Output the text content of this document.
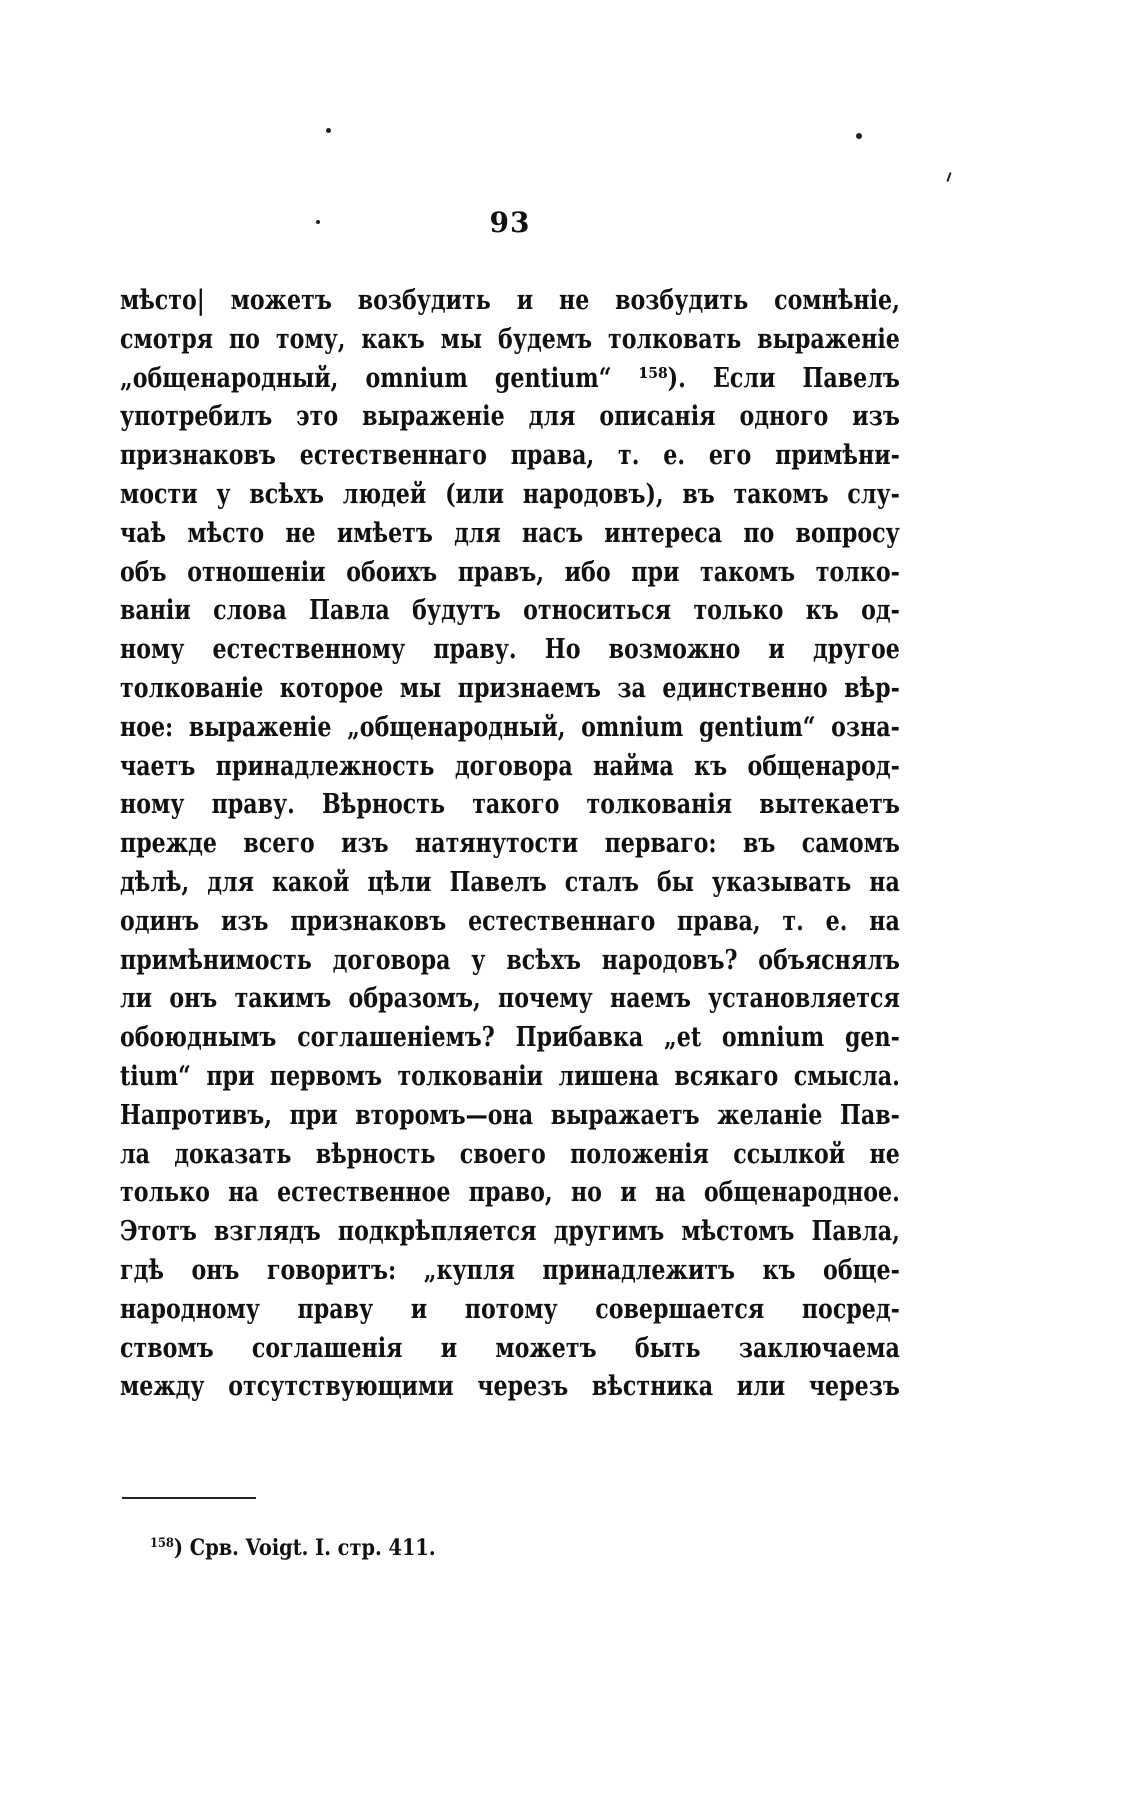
93
мѣсто| можетъ возбудить и не возбудить сомнѣніе,
смотря по тому, какъ мы будемъ толковать выраженіе
„общенародный, omnium gentium“ ¹⁵⁸). Если Павелъ
употребилъ это выраженіе для описанія одного изъ
признаковъ естественнаго права, т. е. его примѣни-
мости у всѣхъ людей (или народовъ), въ такомъ слу-
чаѣ мѣсто не имѣетъ для насъ интереса по вопросу
объ отношеніи обоихъ правъ, ибо при такомъ толко-
ваніи слова Павла будутъ относиться только къ од-
ному естественному праву. Но возможно и другое
толкованіе которое мы признаемъ за единственно вѣр-
ное: выраженіе „общенародный, omnium gentium“ озна-
чаетъ принадлежность договора найма къ общенарод-
ному праву. Вѣрность такого толкованія вытекаетъ
прежде всего изъ натянутости перваго: въ самомъ
дѣлѣ, для какой цѣли Павелъ сталъ бы указывать на
одинъ изъ признаковъ естественнаго права, т. е. на
примѣнимость договора у всѣхъ народовъ? объяснялъ
ли онъ такимъ образомъ, почему наемъ установляется
обоюднымъ соглашеніемъ? Прибавка „et omnium gen-
tium“ при первомъ толкованіи лишена всякаго смысла.
Напротивъ, при второмъ—она выражаетъ желаніе Пав-
ла доказать вѣрность своего положенія ссылкой не
только на естественное право, но и на общенародное.
Этотъ взглядъ подкрѣпляется другимъ мѣстомъ Павла,
гдѣ онъ говоритъ: „купля принадлежитъ къ обще-
народному праву и потому совершается посред-
ствомъ соглашенія и можетъ быть заключаема
между отсутствующими черезъ вѣстника или черезъ
$^{158}$) Срв. Voigt. I. стр. 411.
